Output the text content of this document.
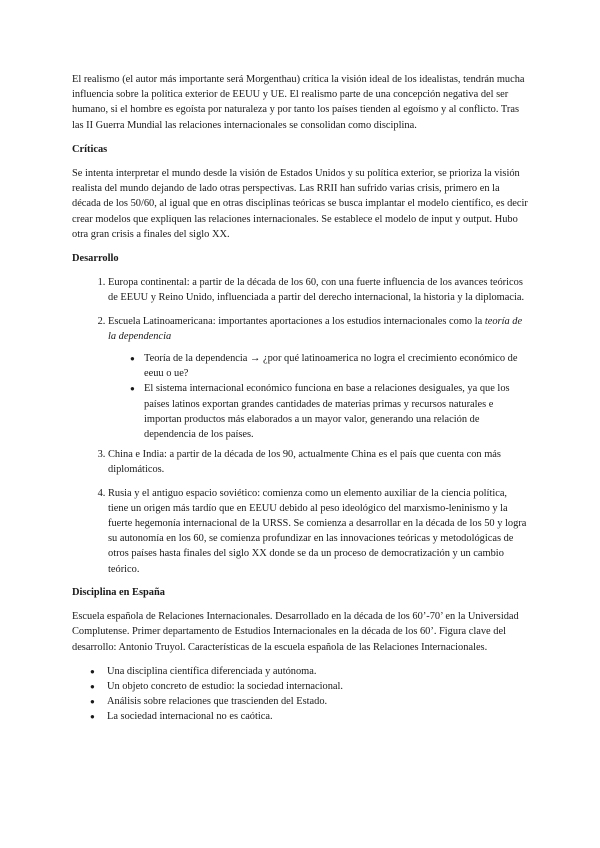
El realismo (el autor más importante será Morgenthau) crítica la visión ideal de los idealistas, tendrán mucha influencia sobre la política exterior de EEUU y UE. El realismo parte de una concepción negativa del ser humano, si el hombre es egoísta por naturaleza y por tanto los países tienden al egoísmo y al conflicto. Tras las II Guerra Mundial las relaciones internacionales se consolidan como disciplina.

Críticas

Se intenta interpretar el mundo desde la visión de Estados Unidos y su política exterior, se prioriza la visión realista del mundo dejando de lado otras perspectivas. Las RRII han sufrido varias crisis, primero en la década de los 50/60, al igual que en otras disciplinas teóricas se busca implantar el modelo científico, es decir crear modelos que expliquen las relaciones internacionales. Se establece el modelo de input y output. Hubo otra gran crisis a finales del siglo XX.

Desarrollo
1. Europa continental: a partir de la década de los 60, con una fuerte influencia de los avances teóricos de EEUU y Reino Unido, influenciada a partir del derecho internacional, la historia y la diplomacia.
2. Escuela Latinoamericana: importantes aportaciones a los estudios internacionales como la teoría de la dependencia
● Teoría de la dependencia → ¿por qué latinoamerica no logra el crecimiento económico de eeuu o ue?
● El sistema internacional económico funciona en base a relaciones desiguales, ya que los países latinos exportan grandes cantidades de materias primas y recursos naturales e importan productos más elaborados a un mayor valor, generando una relación de dependencia de los países.
3. China e India: a partir de la década de los 90, actualmente China es el país que cuenta con más diplomáticos.
4. Rusia y el antiguo espacio soviético: comienza como un elemento auxiliar de la ciencia política, tiene un origen más tardío que en EEUU debido al peso ideológico del marxismo-leninismo y la fuerte hegemonía internacional de la URSS. Se comienza a desarrollar en la década de los 50 y logra su autonomía en los 60, se comienza profundizar en las innovaciones teóricas y metodológicas de otros países hasta finales del siglo XX donde se da un proceso de democratización y un cambio teórico.
Disciplina en España

Escuela española de Relaciones Internacionales. Desarrollado en la década de los 60’-70’ en la Universidad Complutense. Primer departamento de Estudios Internacionales en la década de los 60’. Figura clave del desarrollo: Antonio Truyol. Características de la escuela española de las Relaciones Internacionales.

● Una disciplina científica diferenciada y autónoma.
● Un objeto concreto de estudio: la sociedad internacional.
● Análisis sobre relaciones que trascienden del Estado.
● La sociedad internacional no es caótica.
